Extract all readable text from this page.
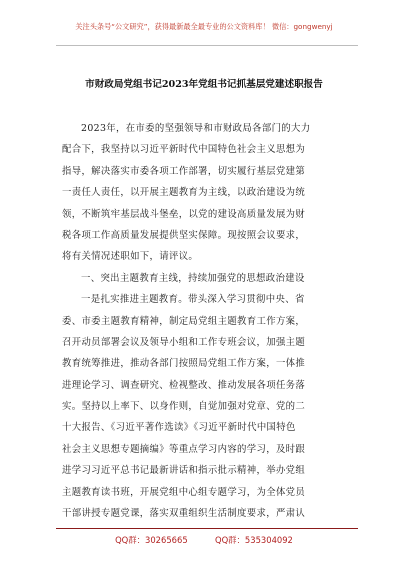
关注头条号“公文研究”，获得最新最全最专业的公文资料库！ 微信：gongwenyj
市财政局党组书记2023年党组书记抓基层党建述职报告
2023年，在市委的坚强领导和市财政局各部门的大力
配合下，我坚持以习近平新时代中国特色社会主义思想为
指导，解决落实市委各项工作部署，切实履行基层党建第
一责任人责任，以开展主题教育为主线，以政治建设为统
领，不断筑牢基层战斗堡垒，以党的建设高质量发展为财
税各项工作高质量发展提供坚实保障。现按照会议要求，
将有关情况述职如下，请评议。
一、突出主题教育主线，持续加强党的思想政治建设
一是扎实推进主题教育。带头深入学习贯彻中央、省
委、市委主题教育精神，制定局党组主题教育工作方案，
召开动员部署会议及领导小组和工作专班会议，加强主题
教育统筹推进，推动各部门按照局党组工作方案，一体推
进理论学习、调查研究、检视整改、推动发展各项任务落
实。坚持以上率下、以身作则，自觉加强对党章、党的二
十大报告、《习近平著作选读》《习近平新时代中国特色
社会主义思想专题摘编》等重点学习内容的学习，及时跟
进学习习近平总书记最新讲话和指示批示精神，举办党组
主题教育读书班，开展党组中心组专题学习，为全体党员
干部讲授专题党课，落实双重组织生活制度要求，严肃认
QQ群：30265665	QQ群：535304092
